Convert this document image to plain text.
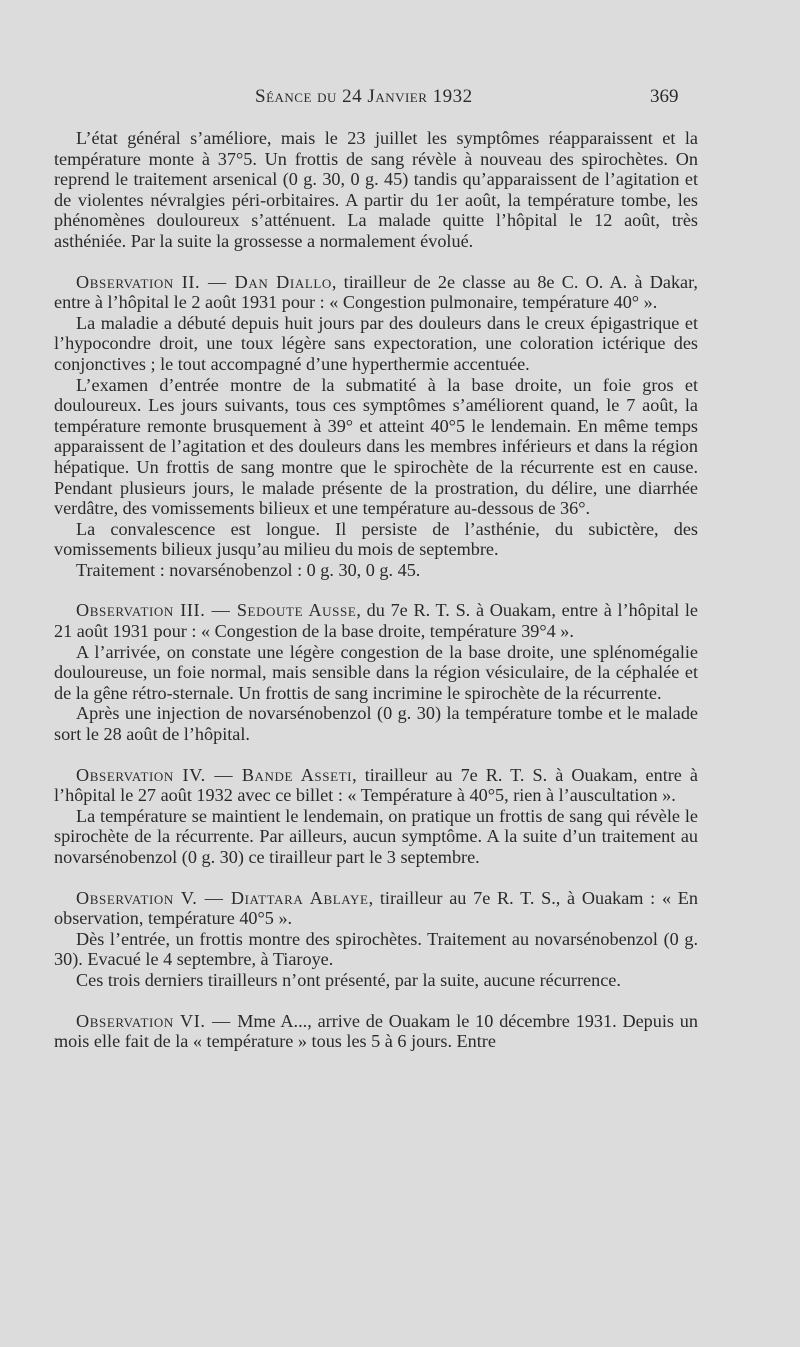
Séance du 24 Janvier 1932	369

L’état général s’améliore, mais le 23 juillet les symptômes réapparaissent et la température monte à 37°5. Un frottis de sang révèle à nouveau des spirochètes. On reprend le traitement arsenical (0 g. 30, 0 g. 45) tandis qu’apparaissent de l’agitation et de violentes névralgies péri-orbitaires. A partir du 1er août, la température tombe, les phénomènes douloureux s’atténuent. La malade quitte l’hôpital le 12 août, très asthéniée. Par la suite la grossesse a normalement évolué.

Observation II. — Dan Diallo, tirailleur de 2e classe au 8e C. O. A. à Dakar, entre à l’hôpital le 2 août 1931 pour : « Congestion pulmonaire, température 40° ».

La maladie a débuté depuis huit jours par des douleurs dans le creux épigastrique et l’hypocondre droit, une toux légère sans expectoration, une coloration ictérique des conjonctives ; le tout accompagné d’une hyperthermie accentuée.

L’examen d’entrée montre de la submatité à la base droite, un foie gros et douloureux. Les jours suivants, tous ces symptômes s’améliorent quand, le 7 août, la température remonte brusquement à 39° et atteint 40°5 le lendemain. En même temps apparaissent de l’agitation et des douleurs dans les membres inférieurs et dans la région hépatique. Un frottis de sang montre que le spirochète de la récurrente est en cause. Pendant plusieurs jours, le malade présente de la prostration, du délire, une diarrhée verdâtre, des vomissements bilieux et une température au-dessous de 36°.

La convalescence est longue. Il persiste de l’asthénie, du subictère, des vomissements bilieux jusqu’au milieu du mois de septembre.

Traitement : novarsénobenzol : 0 g. 30, 0 g. 45.

Observation III. — Sedoute Ausse, du 7e R. T. S. à Ouakam, entre à l’hôpital le 21 août 1931 pour : « Congestion de la base droite, température 39°4 ».

A l’arrivée, on constate une légère congestion de la base droite, une splénomégalie douloureuse, un foie normal, mais sensible dans la région vésiculaire, de la céphalée et de la gêne rétro-sternale. Un frottis de sang incrimine le spirochète de la récurrente.

Après une injection de novarsénobenzol (0 g. 30) la température tombe et le malade sort le 28 août de l’hôpital.

Observation IV. — Bande Asseti, tirailleur au 7e R. T. S. à Ouakam, entre à l’hôpital le 27 août 1932 avec ce billet : « Température à 40°5, rien à l’auscultation ».

La température se maintient le lendemain, on pratique un frottis de sang qui révèle le spirochète de la récurrente. Par ailleurs, aucun symptôme. A la suite d’un traitement au novarsénobenzol (0 g. 30) ce tirailleur part le 3 septembre.

Observation V. — Diattara Ablaye, tirailleur au 7e R. T. S., à Ouakam : « En observation, température 40°5 ».

Dès l’entrée, un frottis montre des spirochètes. Traitement au novarsénobenzol (0 g. 30). Evacué le 4 septembre, à Tiaroye.

Ces trois derniers tirailleurs n’ont présenté, par la suite, aucune récurrence.

Observation VI. — Mme A..., arrive de Ouakam le 10 décembre 1931. Depuis un mois elle fait de la « température » tous les 5 à 6 jours. Entre
